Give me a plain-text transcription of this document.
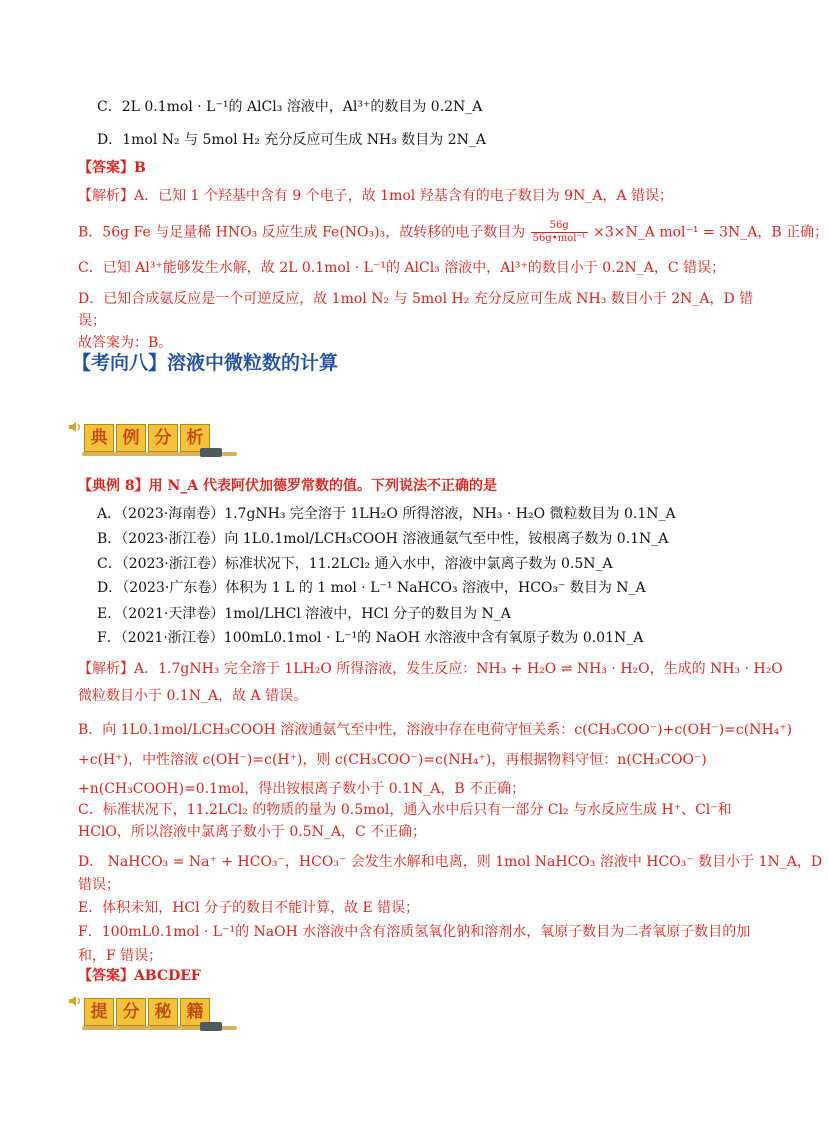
C．2L 0.1mol · L⁻¹的 AlCl₃ 溶液中，Al³⁺的数目为 0.2N_A
D．1mol N₂ 与 5mol H₂ 充分反应可生成 NH₃ 数目为 2N_A
【答案】B
【解析】A．已知 1 个羟基中含有 9 个电子，故 1mol 羟基含有的电子数目为 9N_A，A 错误；
B．56g Fe 与足量稀 HNO₃ 反应生成 Fe(NO₃)₃，故转移的电子数目为 $\frac{56g}{\text{56g•mol⁻¹}}$ ×3×N_A mol⁻¹ = 3N_A，B 正确；
C．已知 Al³⁺能够发生水解，故 2L 0.1mol · L⁻¹的 AlCl₃ 溶液中，Al³⁺的数目小于 0.2N_A，C 错误；
D．已知合成氨反应是一个可逆反应，故 1mol N₂ 与 5mol H₂ 充分反应可生成 NH₃ 数目小于 2N_A，D 错
误；
故答案为：B。
【考向八】溶液中微粒数的计算
典 例 分 析
【典例 8】用 N_A 代表阿伏加德罗常数的值。下列说法不正确的是
A．（2023·海南卷）1.7gNH₃ 完全溶于 1LH₂O 所得溶液，NH₃ · H₂O 微粒数目为 0.1N_A
B．（2023·浙江卷）向 1L0.1mol/LCH₃COOH 溶液通氨气至中性，铵根离子数为 0.1N_A
C．（2023·浙江卷）标准状况下，11.2LCl₂ 通入水中，溶液中氯离子数为 0.5N_A
D．（2023·广东卷）体积为 1 L 的 1 mol · L⁻¹ NaHCO₃ 溶液中，HCO₃⁻ 数目为 N_A
E．（2021·天津卷）1mol/LHCl 溶液中，HCl 分子的数目为 N_A
F．（2021·浙江卷）100mL0.1mol · L⁻¹的 NaOH 水溶液中含有氧原子数为 0.01N_A
【解析】A．1.7gNH₃ 完全溶于 1LH₂O 所得溶液，发生反应：NH₃ + H₂O ⇌ NH₃ · H₂O，生成的 NH₃ · H₂O
微粒数目小于 0.1N_A，故 A 错误。
B．向 1L0.1mol/LCH₃COOH 溶液通氨气至中性，溶液中存在电荷守恒关系：c(CH₃COO⁻)+c(OH⁻)=c(NH₄⁺)
+c(H⁺)，中性溶液 c(OH⁻)=c(H⁺)，则 c(CH₃COO⁻)=c(NH₄⁺)，再根据物料守恒：n(CH₃COO⁻)
+n(CH₃COOH)=0.1mol，得出铵根离子数小于 0.1N_A，B 不正确；
C．标准状况下，11.2LCl₂ 的物质的量为 0.5mol，通入水中后只有一部分 Cl₂ 与水反应生成 H⁺、Cl⁻和
HClO，所以溶液中氯离子数小于 0.5N_A，C 不正确；
D． NaHCO₃ = Na⁺ + HCO₃⁻，HCO₃⁻ 会发生水解和电离，则 1mol NaHCO₃ 溶液中 HCO₃⁻ 数目小于 1N_A，D
错误；
E．体积未知，HCl 分子的数目不能计算，故 E 错误；
F．100mL0.1mol · L⁻¹的 NaOH 水溶液中含有溶质氢氧化钠和溶剂水，氧原子数目为二者氧原子数目的加
和，F 错误；
【答案】ABCDEF
提 分 秘 籍
